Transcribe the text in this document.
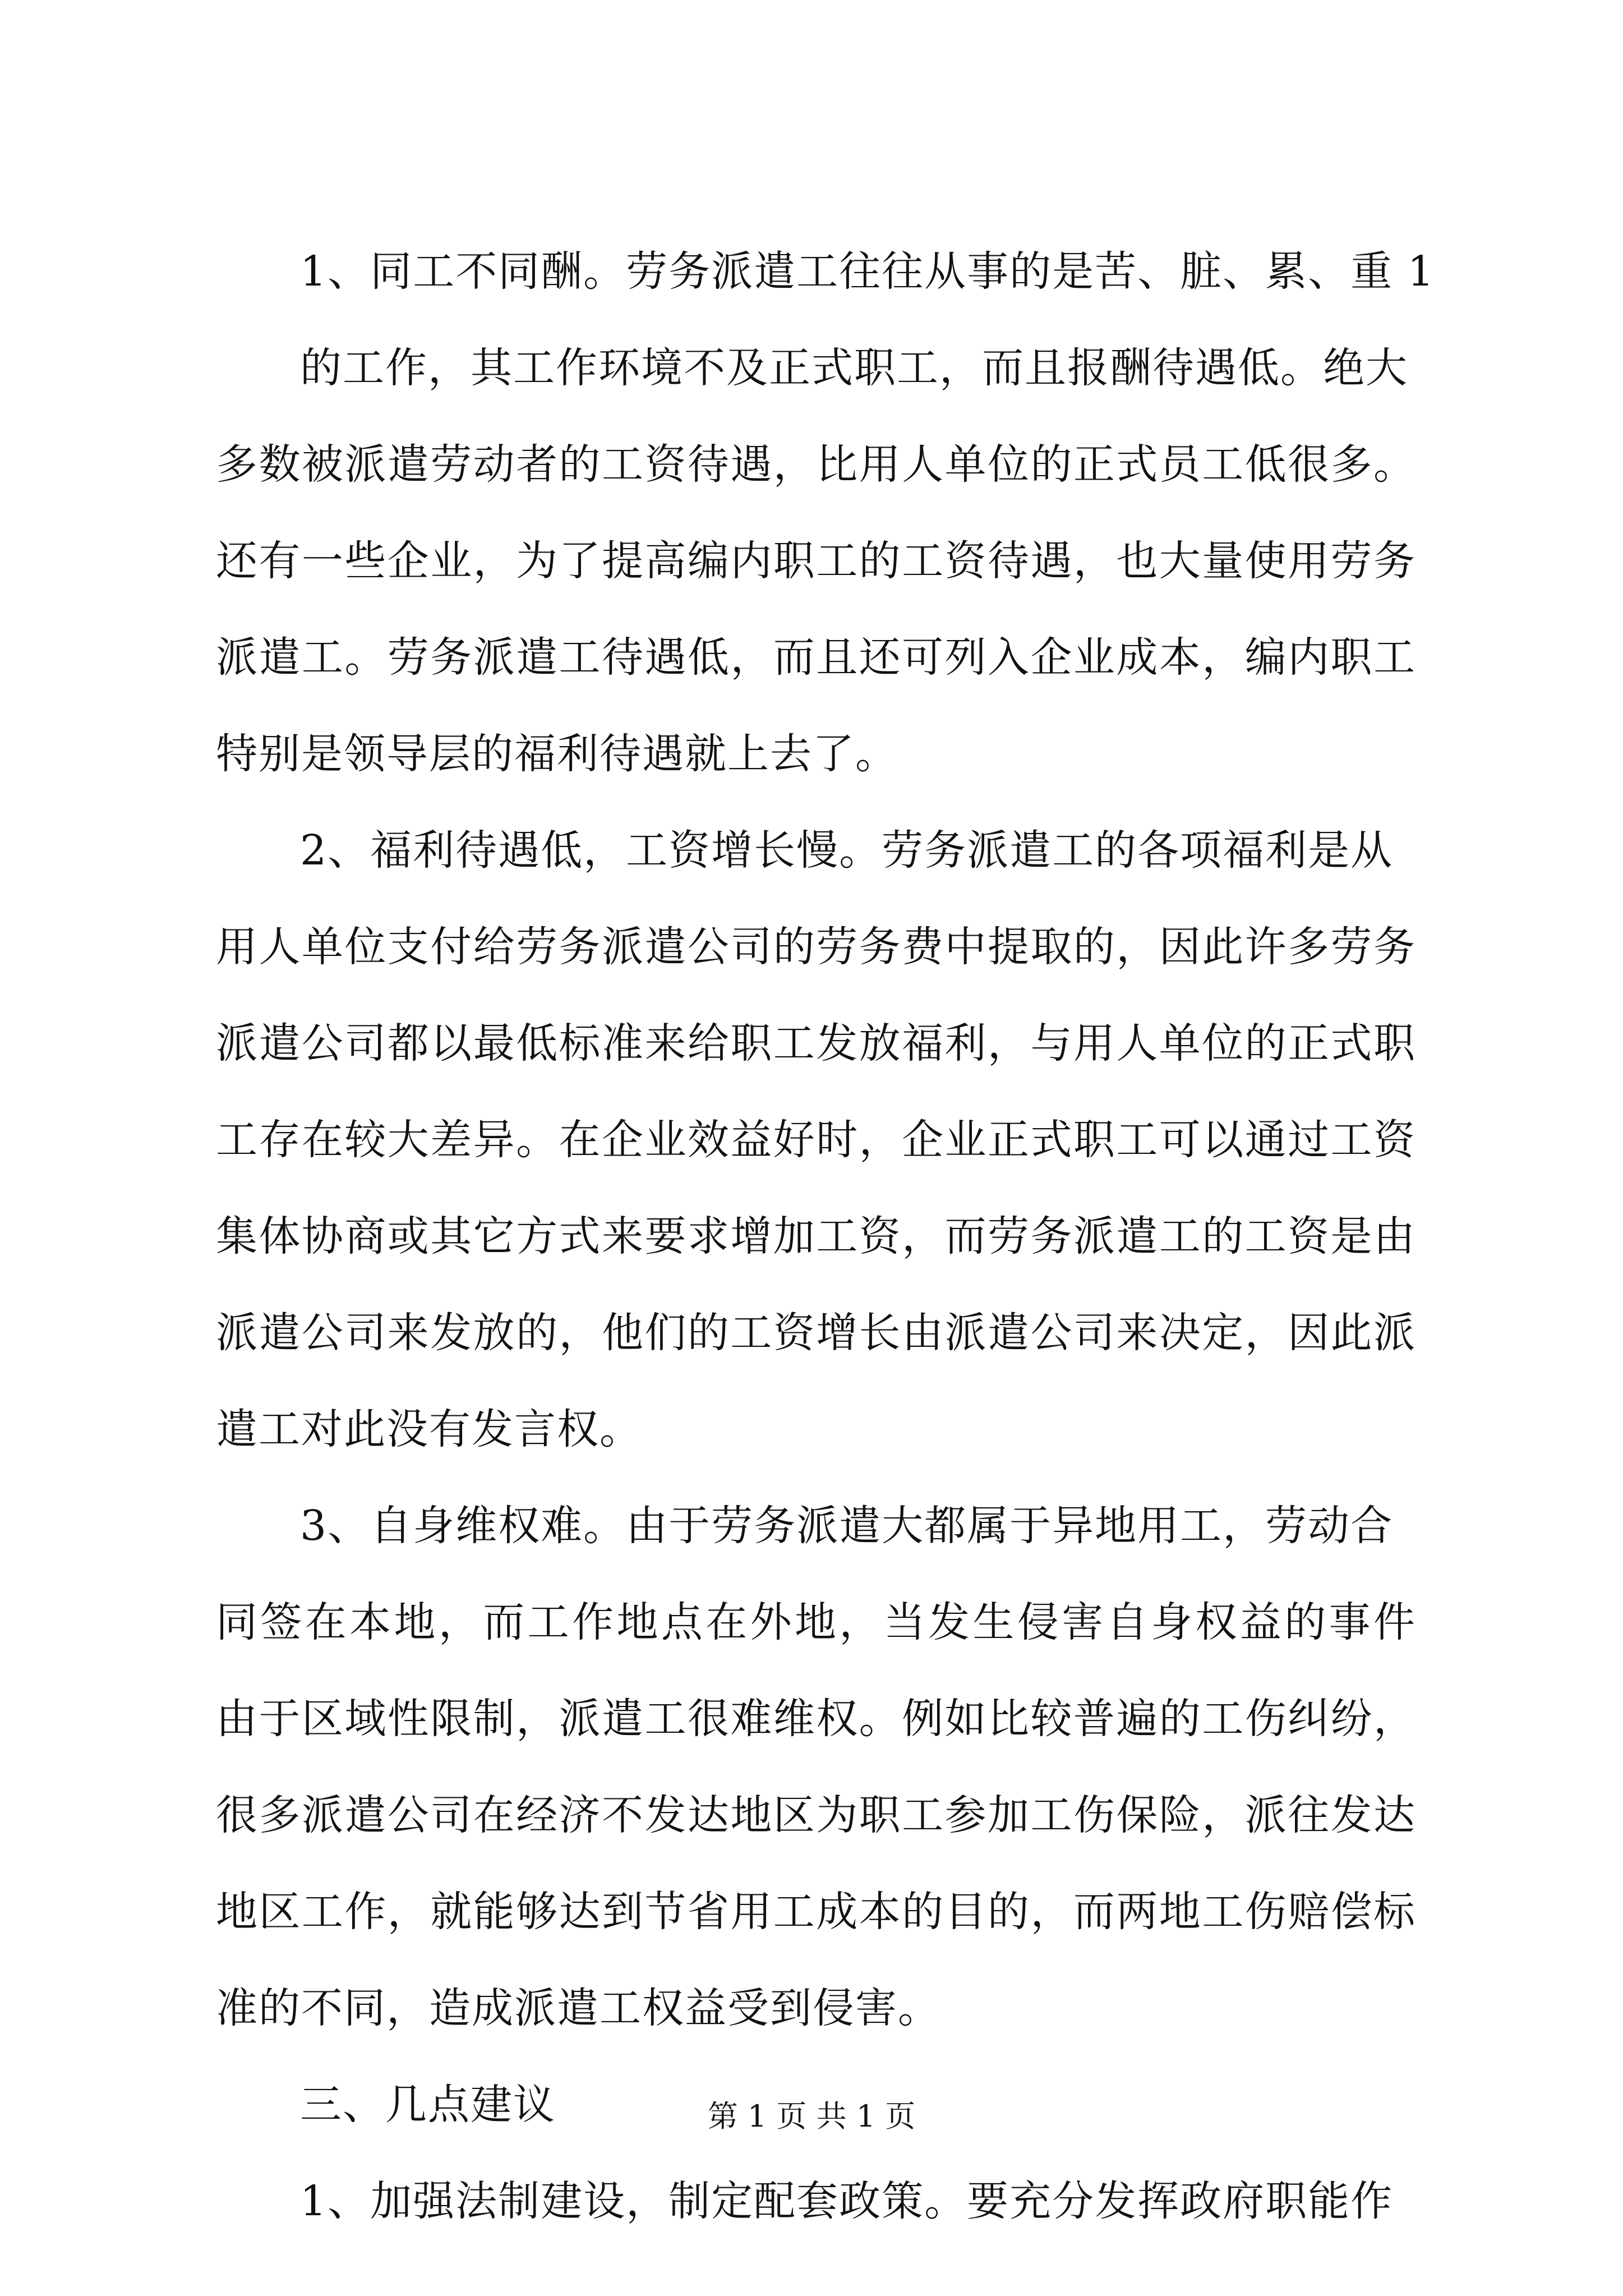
1、同工不同酬。劳务派遣工往往从事的是苦、脏、累、重 1
的工作，其工作环境不及正式职工，而且报酬待遇低。绝大
多数被派遣劳动者的工资待遇，比用人单位的正式员工低很多。
还有一些企业，为了提高编内职工的工资待遇，也大量使用劳务
派遣工。劳务派遣工待遇低，而且还可列入企业成本，编内职工
特别是领导层的福利待遇就上去了。
2、福利待遇低，工资增长慢。劳务派遣工的各项福利是从
用人单位支付给劳务派遣公司的劳务费中提取的，因此许多劳务
派遣公司都以最低标准来给职工发放福利，与用人单位的正式职
工存在较大差异。在企业效益好时，企业正式职工可以通过工资
集体协商或其它方式来要求增加工资，而劳务派遣工的工资是由
派遣公司来发放的，他们的工资增长由派遣公司来决定，因此派
遣工对此没有发言权。
3、自身维权难。由于劳务派遣大都属于异地用工，劳动合
同签在本地，而工作地点在外地，当发生侵害自身权益的事件
由于区域性限制，派遣工很难维权。例如比较普遍的工伤纠纷，
很多派遣公司在经济不发达地区为职工参加工伤保险，派往发达
地区工作，就能够达到节省用工成本的目的，而两地工伤赔偿标
准的不同，造成派遣工权益受到侵害。
三、几点建议
1、加强法制建设，制定配套政策。要充分发挥政府职能作
第 1 页 共 1 页
